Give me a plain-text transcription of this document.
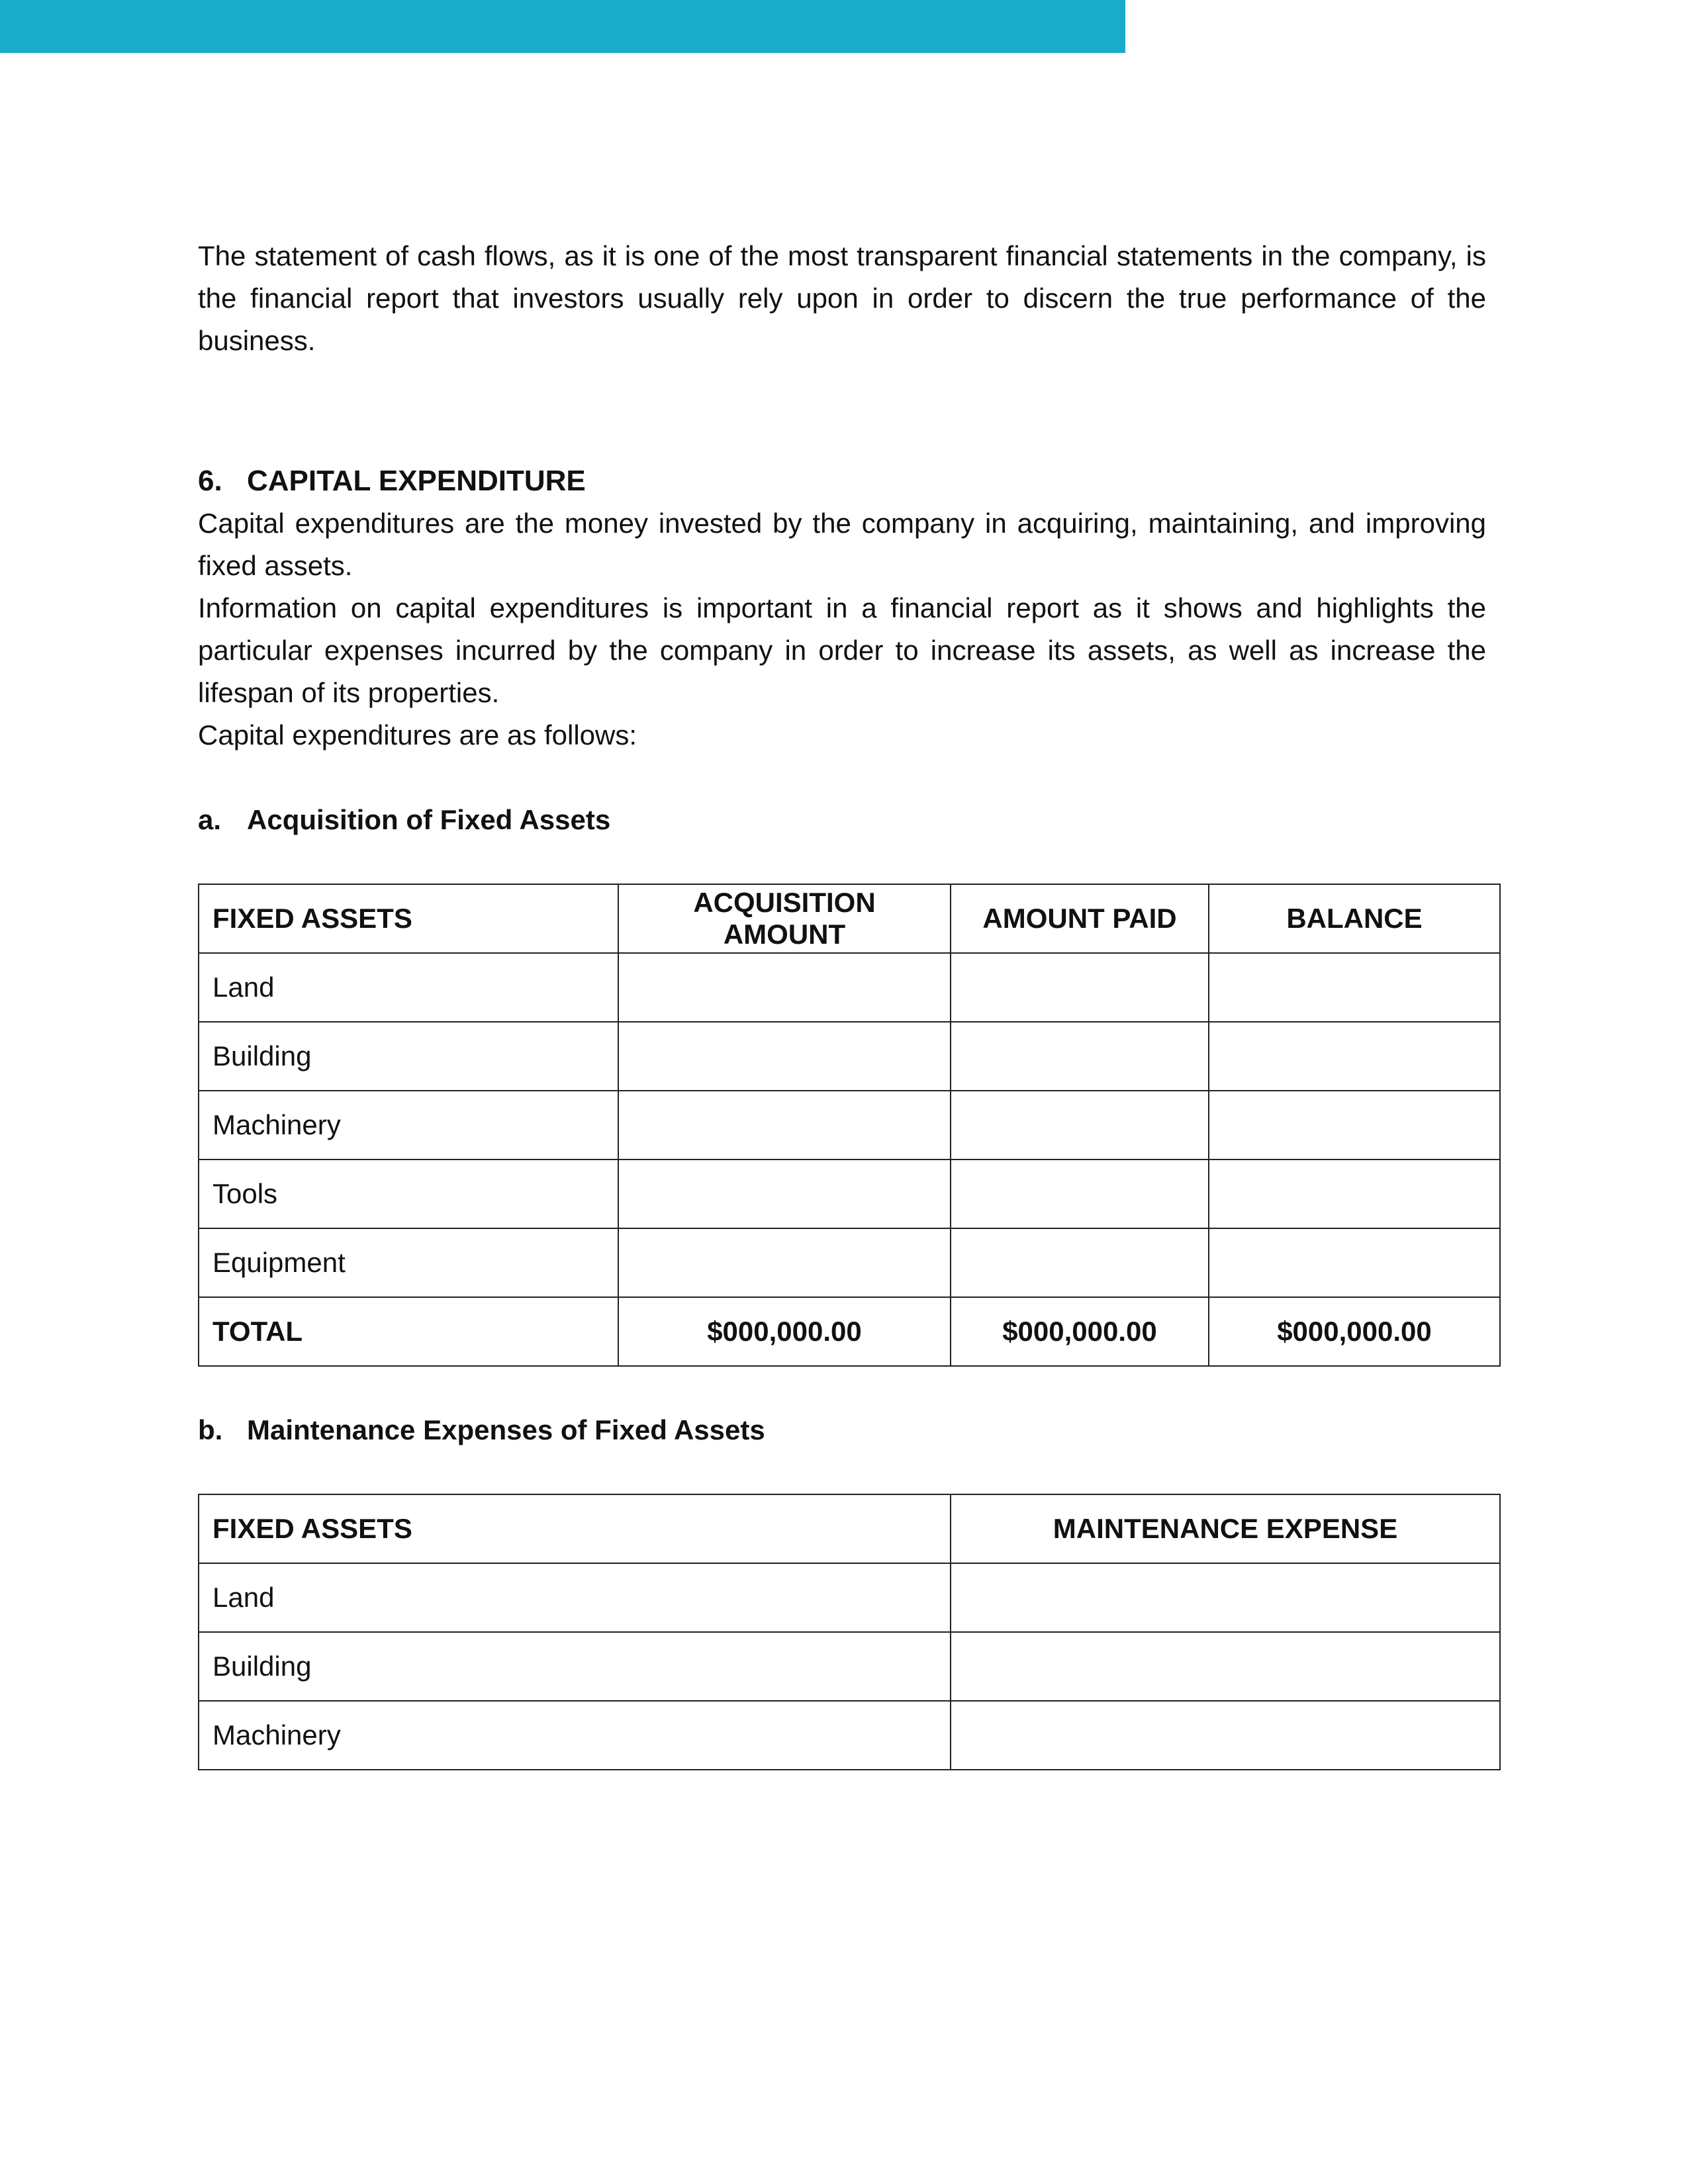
The statement of cash flows, as it is one of the most transparent financial statements in the company, is the financial report that investors usually rely upon in order to discern the true performance of the business.

6. CAPITAL EXPENDITURE

Capital expenditures are the money invested by the company in acquiring, maintaining, and improving fixed assets.

Information on capital expenditures is important in a financial report as it shows and highlights the particular expenses incurred by the company in order to increase its assets, as well as increase the lifespan of its properties.

Capital expenditures are as follows:

a. Acquisition of Fixed Assets
FIXED ASSETS	ACQUISITION AMOUNT	AMOUNT PAID	BALANCE
Land			
Building			
Machinery			
Tools			
Equipment			
TOTAL	$000,000.00	$000,000.00	$000,000.00
b. Maintenance Expenses of Fixed Assets
FIXED ASSETS	MAINTENANCE EXPENSE
Land	
Building	
Machinery	
